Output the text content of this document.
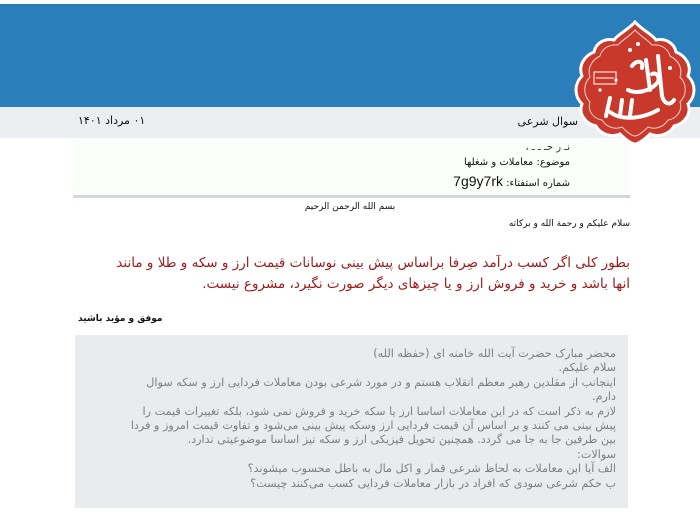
سوال شرعی
۰۱ مرداد ۱۴۰۱
نـ ر حـ ـ ـ ،
موضوع: معاملات و شغلها
شماره استفتاء: 7g9y7rk
بسم الله الرحمن الرحیم
سلام علیکم و رحمة الله و برکاته

بطور کلی اگر کسب درآمد صِرفا براساس پیش بینی نوسانات قیمت ارز و سکه و طلا و مانند

انها باشد و خرید و فروش ارز و یا چیزهای دیگر صورت نگیرد، مشروع نیست.

موفق و مؤید باشید

محضر مبارک حضرت آیت الله خامنه ای (حفظه الله)

سلام علیکم.

اینجانب از مقلدین رهبر معظم انقلاب هستم و در مورد شرعی بودن معاملات فردایی ارز و سکه سوال

دارم.

لازم به ذکر است که در این معاملات اساسا ارز یا سکه خرید و فروش نمی شود، بلکه تغییرات قیمت را

پیش بینی می کنند و بر اساس آن قیمت فردایی ارز وسکه پیش بینی می‌شود و تفاوت قیمت امروز و فردا

بین طرفین جا به جا می گردد. همچنین تحویل فیزیکی ارز و سکه نیز اساسا موضوعیتی ندارد.

سوالات:

الف آیا این معاملات به لحاظ شرعی قمار و اکل مال به باطل محسوب میشوند؟

ب حکم شرعی سودی که افراد در بازار معاملات فردایی کسب می‌کنند چیست؟
